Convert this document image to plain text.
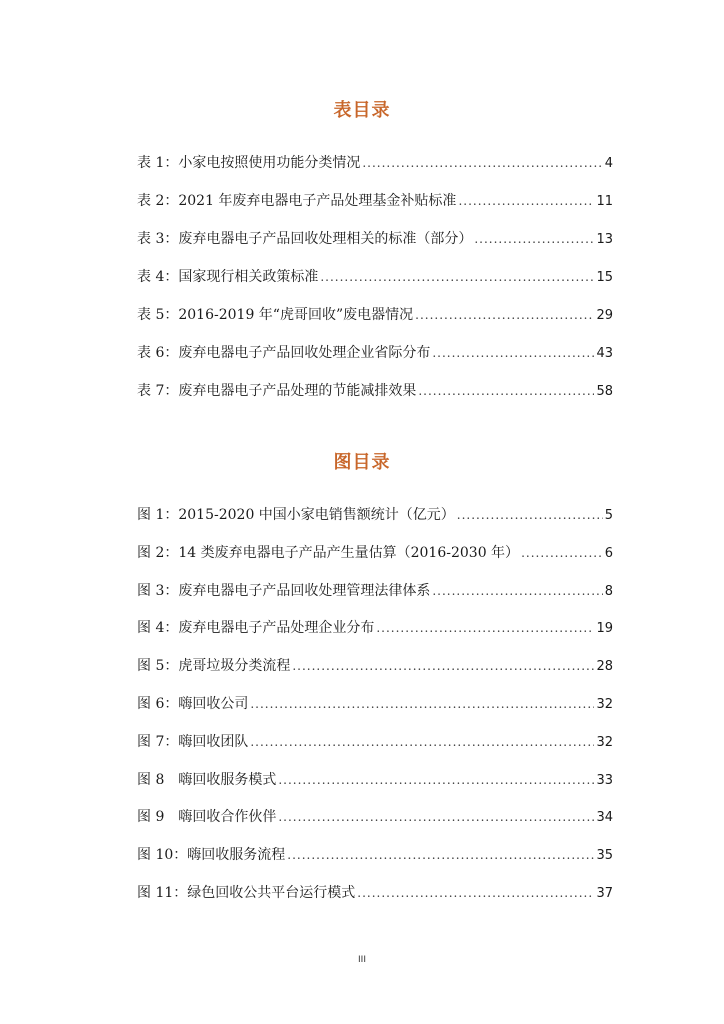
表目录
表 1：小家电按照使用功能分类情况 .....	4
表 2：2021 年废弃电器电子产品处理基金补贴标准 .....	11
表 3：废弃电器电子产品回收处理相关的标准（部分） .....	13
表 4：国家现行相关政策标准 .....	15
表 5：2016-2019 年“虎哥回收”废电器情况 .....	29
表 6：废弃电器电子产品回收处理企业省际分布 .....	43
表 7：废弃电器电子产品处理的节能减排效果 .....	58
图目录
图 1：2015-2020 中国小家电销售额统计（亿元） .....	5
图 2：14 类废弃电器电子产品产生量估算（2016-2030 年） .....	6
图 3：废弃电器电子产品回收处理管理法律体系 .....	8
图 4：废弃电器电子产品处理企业分布 .....	19
图 5：虎哥垃圾分类流程 .....	28
图 6：嗨回收公司 .....	32
图 7：嗨回收团队 .....	32
图 8　嗨回收服务模式 .....	33
图 9　嗨回收合作伙伴 .....	34
图 10：嗨回收服务流程 .....	35
图 11：绿色回收公共平台运行模式 .....	37
III
